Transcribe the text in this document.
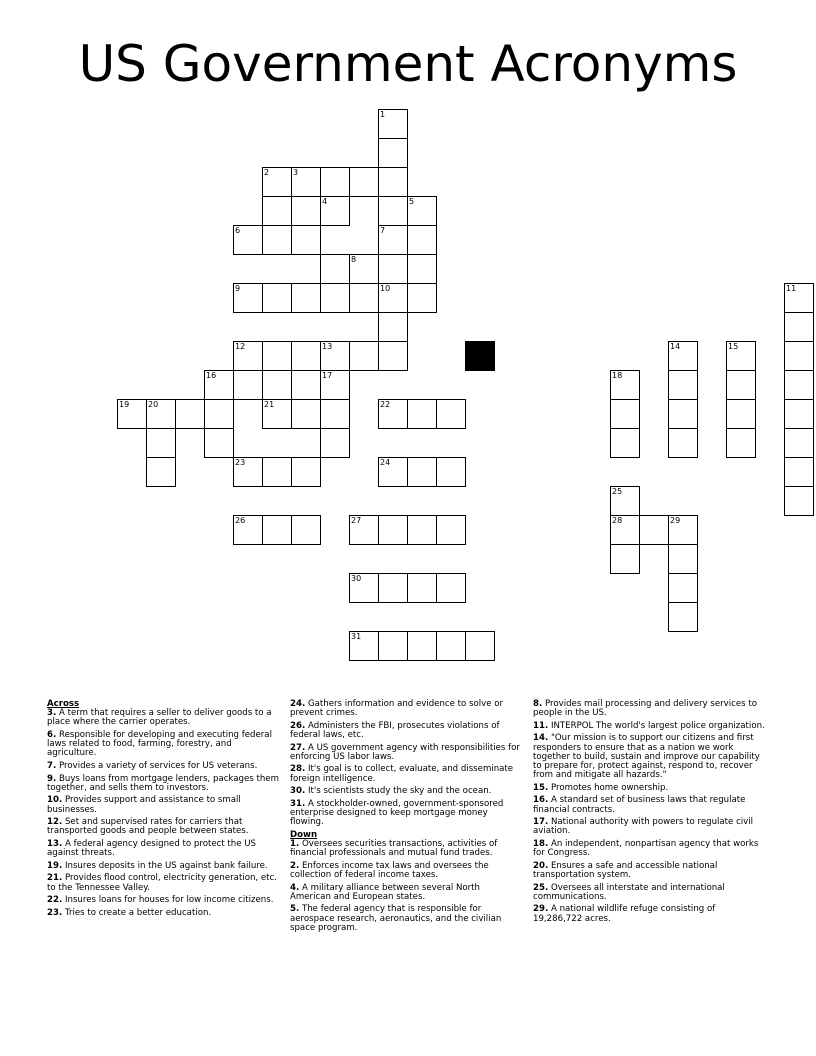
US Government Acronyms
1
7
10
3
2
6
4	5
9
8
11
12	13	14	15
16	17	18
19 20	21	22
23	24
25
28
26	27	29
30
31
Across
3. A term that requires a seller to deliver goods to a place where the carrier operates.
6. Responsible for developing and executing federal laws related to food, farming, forestry, and agriculture.
7. Provides a variety of services for US veterans.
9. Buys loans from mortgage lenders, packages them together, and sells them to investors.
10. Provides support and assistance to small businesses.
12. Set and supervised rates for carriers that transported goods and people between states.
13. A federal agency designed to protect the US against threats.
19. Insures deposits in the US against bank failure.
21. Provides flood control, electricity generation, etc. to the Tennessee Valley.
22. Insures loans for houses for low income citizens.
23. Tries to create a better education.
24. Gathers information and evidence to solve or prevent crimes.
26. Administers the FBI, prosecutes violations of federal laws, etc.
27. A US government agency with responsibilities for enforcing US labor laws.
28. It's goal is to collect, evaluate, and disseminate foreign intelligence.
30. It's scientists study the sky and the ocean.
31. A stockholder-owned, government-sponsored enterprise designed to keep mortgage money flowing.
Down
1. Oversees securities transactions, activities of financial professionals and mutual fund trades.
2. Enforces income tax laws and oversees the collection of federal income taxes.
4. A military alliance between several North American and European states.
5. The federal agency that is responsible for aerospace research, aeronautics, and the civilian space program.
8. Provides mail processing and delivery services to people in the US.
11. INTERPOL The world's largest police organization.
14. "Our mission is to support our citizens and first responders to ensure that as a nation we work together to build, sustain and improve our capability to prepare for, protect against, respond to, recover from and mitigate all hazards."
15. Promotes home ownership.
16. A standard set of business laws that regulate financial contracts.
17. National authority with powers to regulate civil aviation.
18. An independent, nonpartisan agency that works for Congress.
20. Ensures a safe and accessible national transportation system.
25. Oversees all interstate and international communications.
29. A national wildlife refuge consisting of 19,286,722 acres.
